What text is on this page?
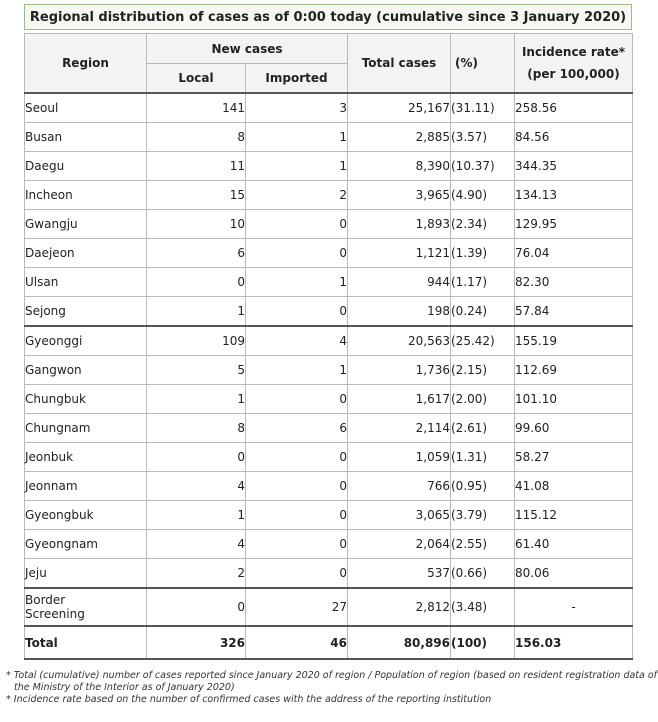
Regional distribution of cases as of 0:00 today (cumulative since 3 January 2020)
Region	New cases		Total cases	(%)	Incidence rate*
(per 100,000)

	Local	Imported			
Seoul	141	3	25,167	(31.11)	258.56
Busan	8	1	2,885	(3.57)	84.56
Daegu	11	1	8,390	(10.37)	344.35
Incheon	15	2	3,965	(4.90)	134.13
Gwangju	10	0	1,893	(2.34)	129.95
Daejeon	6	0	1,121	(1.39)	76.04
Ulsan	0	1	944	(1.17)	82.30
Sejong	1	0	198	(0.24)	57.84
Gyeonggi	109	4	20,563	(25.42)	155.19
Gangwon	5	1	1,736	(2.15)	112.69
Chungbuk	1	0	1,617	(2.00)	101.10
Chungnam	8	6	2,114	(2.61)	99.60
Jeonbuk	0	0	1,059	(1.31)	58.27
Jeonnam	4	0	766	(0.95)	41.08
Gyeongbuk	1	0	3,065	(3.79)	115.12
Gyeongnam	4	0	2,064	(2.55)	61.40
Jeju	2	0	537	(0.66)	80.06

Border
Screening	0	27	2,812	(3.48)	-
Total	326	46	80,896	(100)	156.03
* Total (cumulative) number of cases reported since January 2020 of region / Population of region (based on resident registration data of the Ministry of the Interior as of January 2020)
* Incidence rate based on the number of confirmed cases with the address of the reporting institution
